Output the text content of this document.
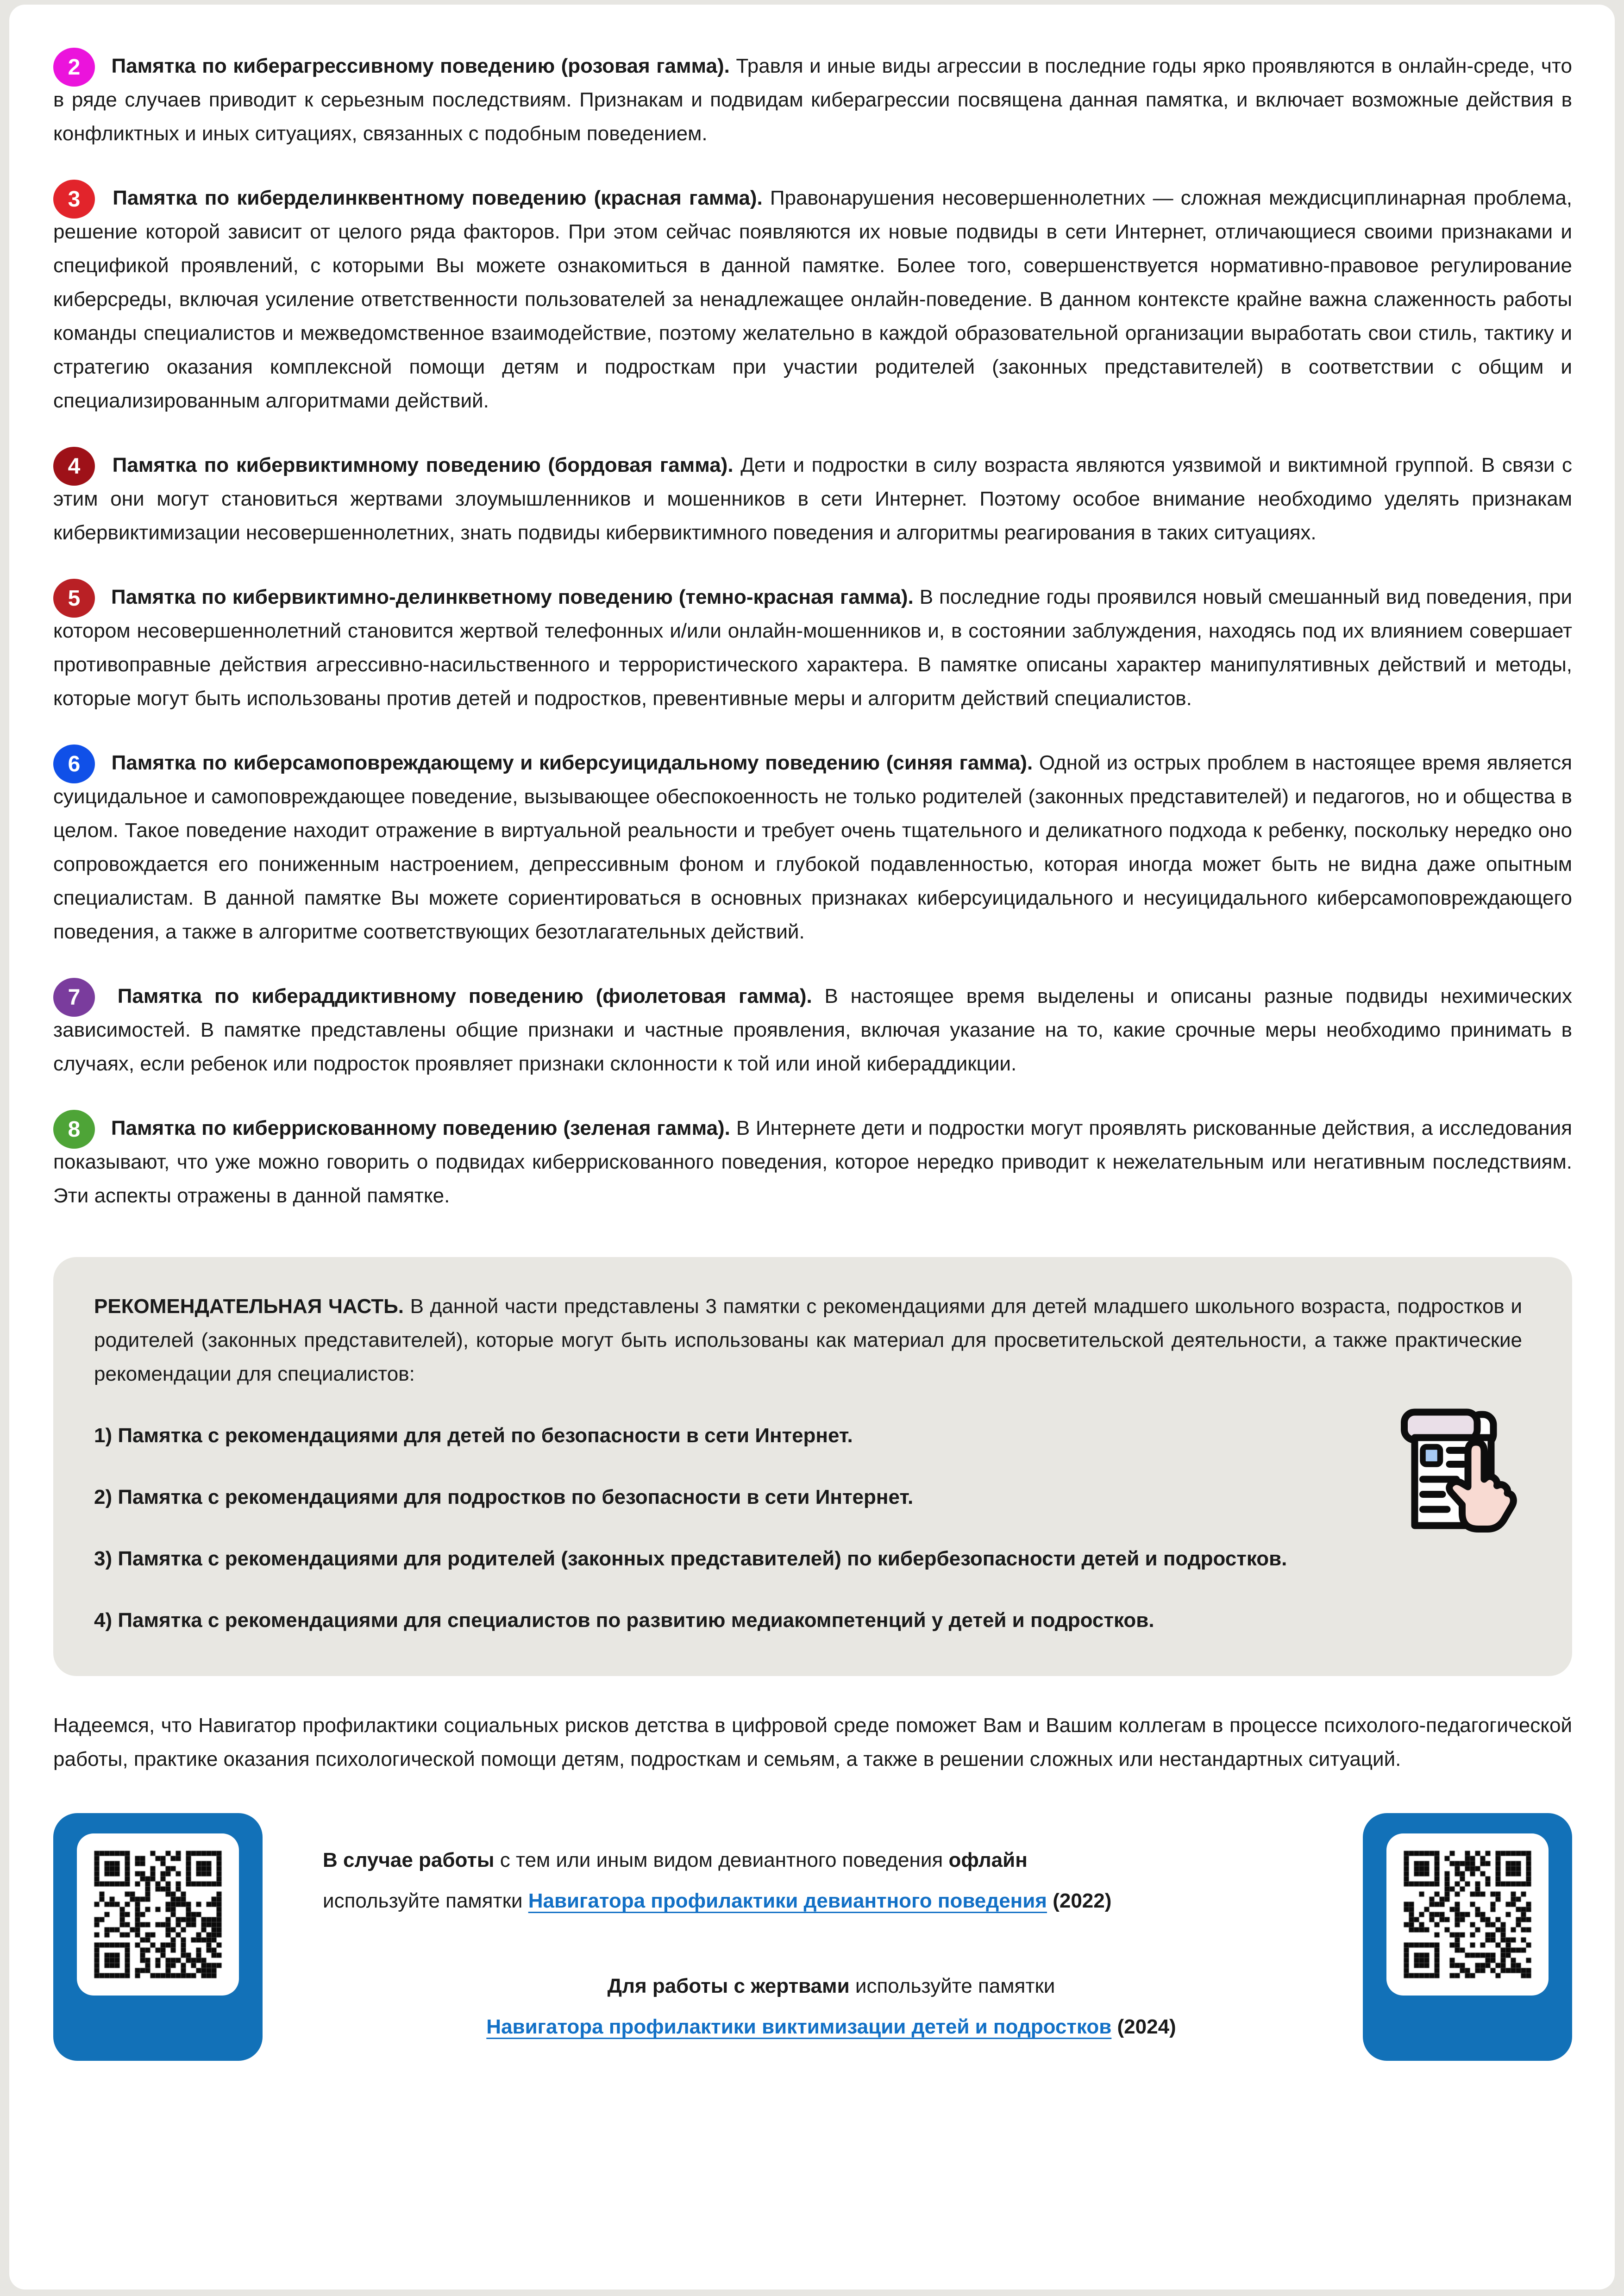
2 Памятка по киберагрессивному поведению (розовая гамма). Травля и иные виды агрессии в последние годы ярко проявляются в онлайн-среде, что в ряде случаев приводит к серьезным последствиям. Признакам и подвидам киберагрессии посвящена данная памятка, и включает возможные действия в конфликтных и иных ситуациях, связанных с подобным поведением.

3 Памятка по киберделинквентному поведению (красная гамма). Правонарушения несовершеннолетних — сложная междисциплинарная проблема, решение которой зависит от целого ряда факторов. При этом сейчас появляются их новые подвиды в сети Интернет, отличающиеся своими признаками и спецификой проявлений, с которыми Вы можете ознакомиться в данной памятке. Более того, совершенствуется нормативно-правовое регулирование киберсреды, включая усиление ответственности пользователей за ненадлежащее онлайн-поведение. В данном контексте крайне важна слаженность работы команды специалистов и межведомственное взаимодействие, поэтому желательно в каждой образовательной организации выработать свои стиль, тактику и стратегию оказания комплексной помощи детям и подросткам при участии родителей (законных представителей) в соответствии с общим и специализированным алгоритмами действий.

4 Памятка по кибервиктимному поведению (бордовая гамма). Дети и подростки в силу возраста являются уязвимой и виктимной группой. В связи с этим они могут становиться жертвами злоумышленников и мошенников в сети Интернет. Поэтому особое внимание необходимо уделять признакам кибервиктимизации несовершеннолетних, знать подвиды кибервиктимного поведения и алгоритмы реагирования в таких ситуациях.

5 Памятка по кибервиктимно-делинкветному поведению (темно-красная гамма). В последние годы проявился новый смешанный вид поведения, при котором несовершеннолетний становится жертвой телефонных и/или онлайн-мошенников и, в состоянии заблуждения, находясь под их влиянием совершает противоправные действия агрессивно-насильственного и террористического характера. В памятке описаны характер манипулятивных действий и методы, которые могут быть использованы против детей и подростков, превентивные меры и алгоритм действий специалистов.

6 Памятка по киберсамоповреждающему и киберсуицидальному поведению (синяя гамма). Одной из острых проблем в настоящее время является суицидальное и самоповреждающее поведение, вызывающее обеспокоенность не только родителей (законных представителей) и педагогов, но и общества в целом. Такое поведение находит отражение в виртуальной реальности и требует очень тщательного и деликатного подхода к ребенку, поскольку нередко оно сопровождается его пониженным настроением, депрессивным фоном и глубокой подавленностью, которая иногда может быть не видна даже опытным специалистам. В данной памятке Вы можете сориентироваться в основных признаках киберсуицидального и несуицидального киберсамоповреждающего поведения, а также в алгоритме соответствующих безотлагательных действий.

7 Памятка по кибераддиктивному поведению (фиолетовая гамма). В настоящее время выделены и описаны разные подвиды нехимических зависимостей. В памятке представлены общие признаки и частные проявления, включая указание на то, какие срочные меры необходимо принимать в случаях, если ребенок или подросток проявляет признаки склонности к той или иной кибераддикции.

8 Памятка по киберрискованному поведению (зеленая гамма). В Интернете дети и подростки могут проявлять рискованные действия, а исследования показывают, что уже можно говорить о подвидах киберрискованного поведения, которое нередко приводит к нежелательным или негативным последствиям. Эти аспекты отражены в данной памятке.

РЕКОМЕНДАТЕЛЬНАЯ ЧАСТЬ. В данной части представлены 3 памятки с рекомендациями для детей младшего школьного возраста, подростков и родителей (законных представителей), которые могут быть использованы как материал для просветительской деятельности, а также практические рекомендации для специалистов:

1) Памятка с рекомендациями для детей по безопасности в сети Интернет.

2) Памятка с рекомендациями для подростков по безопасности в сети Интернет.

3) Памятка с рекомендациями для родителей (законных представителей) по кибербезопасности детей и подростков.

4) Памятка с рекомендациями для специалистов по развитию медиакомпетенций у детей и подростков.

Надеемся, что Навигатор профилактики социальных рисков детства в цифровой среде поможет Вам и Вашим коллегам в процессе психолого-педагогической работы, практике оказания психологической помощи детям, подросткам и семьям, а также в решении сложных или нестандартных ситуаций.

В случае работы с тем или иным видом девиантного поведения офлайн
используйте памятки Навигатора профилактики девиантного поведения (2022)

Для работы с жертвами используйте памятки
Навигатора профилактики виктимизации детей и подростков (2024)
